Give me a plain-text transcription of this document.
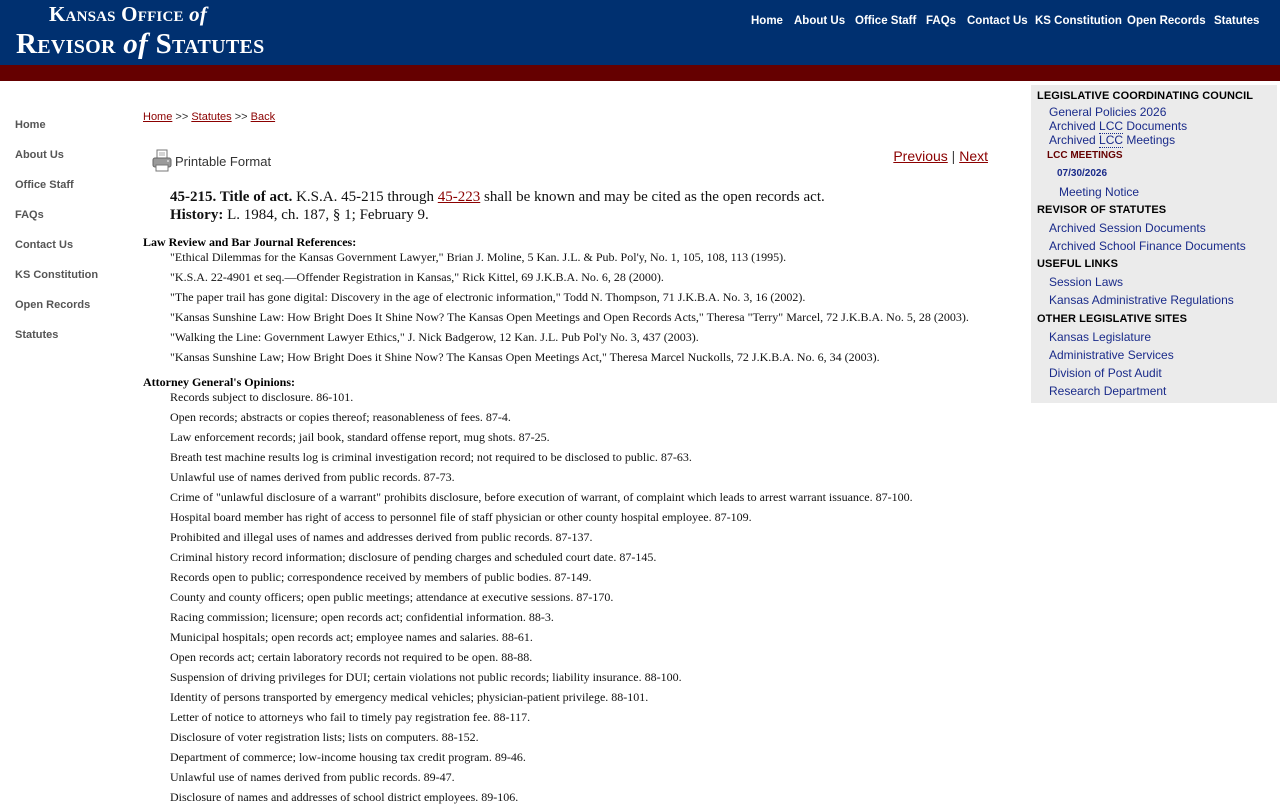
Kansas Office of
Revisor of Statutes
Home About Us Office Staff FAQs Contact Us KS Constitution Open Records Statutes
Home
About Us
Office Staff
FAQs
Contact Us
KS Constitution
Open Records
Statutes
Home >> Statutes >> Back
Printable Format	Previous | Next
45-215. Title of act. K.S.A. 45-215 through 45-223 shall be known and may be cited as the open records act.
History: L. 1984, ch. 187, § 1; February 9.
Law Review and Bar Journal References:
"Ethical Dilemmas for the Kansas Government Lawyer," Brian J. Moline, 5 Kan. J.L. & Pub. Pol'y, No. 1, 105, 108, 113 (1995).
"K.S.A. 22-4901 et seq.—Offender Registration in Kansas," Rick Kittel, 69 J.K.B.A. No. 6, 28 (2000).
"The paper trail has gone digital: Discovery in the age of electronic information," Todd N. Thompson, 71 J.K.B.A. No. 3, 16 (2002).
"Kansas Sunshine Law: How Bright Does It Shine Now? The Kansas Open Meetings and Open Records Acts," Theresa "Terry" Marcel, 72 J.K.B.A. No. 5, 28 (2003).
"Walking the Line: Government Lawyer Ethics," J. Nick Badgerow, 12 Kan. J.L. Pub Pol'y No. 3, 437 (2003).
"Kansas Sunshine Law; How Bright Does it Shine Now? The Kansas Open Meetings Act," Theresa Marcel Nuckolls, 72 J.K.B.A. No. 6, 34 (2003).
Attorney General's Opinions:
Records subject to disclosure. 86-101.
Open records; abstracts or copies thereof; reasonableness of fees. 87-4.
Law enforcement records; jail book, standard offense report, mug shots. 87-25.
Breath test machine results log is criminal investigation record; not required to be disclosed to public. 87-63.
Unlawful use of names derived from public records. 87-73.
Crime of "unlawful disclosure of a warrant" prohibits disclosure, before execution of warrant, of complaint which leads to arrest warrant issuance. 87-100.
Hospital board member has right of access to personnel file of staff physician or other county hospital employee. 87-109.
Prohibited and illegal uses of names and addresses derived from public records. 87-137.
Criminal history record information; disclosure of pending charges and scheduled court date. 87-145.
Records open to public; correspondence received by members of public bodies. 87-149.
County and county officers; open public meetings; attendance at executive sessions. 87-170.
Racing commission; licensure; open records act; confidential information. 88-3.
Municipal hospitals; open records act; employee names and salaries. 88-61.
Open records act; certain laboratory records not required to be open. 88-88.
Suspension of driving privileges for DUI; certain violations not public records; liability insurance. 88-100.
Identity of persons transported by emergency medical vehicles; physician-patient privilege. 88-101.
Letter of notice to attorneys who fail to timely pay registration fee. 88-117.
Disclosure of voter registration lists; lists on computers. 88-152.
Department of commerce; low-income housing tax credit program. 89-46.
Unlawful use of names derived from public records. 89-47.
Disclosure of names and addresses of school district employees. 89-106.
LEGISLATIVE COORDINATING COUNCIL
General Policies 2026
Archived LCC Documents
Archived LCC Meetings
LCC MEETINGS
07/30/2026
Meeting Notice
REVISOR OF STATUTES
Archived Session Documents
Archived School Finance Documents
USEFUL LINKS
Session Laws
Kansas Administrative Regulations
OTHER LEGISLATIVE SITES
Kansas Legislature
Administrative Services
Division of Post Audit
Research Department
